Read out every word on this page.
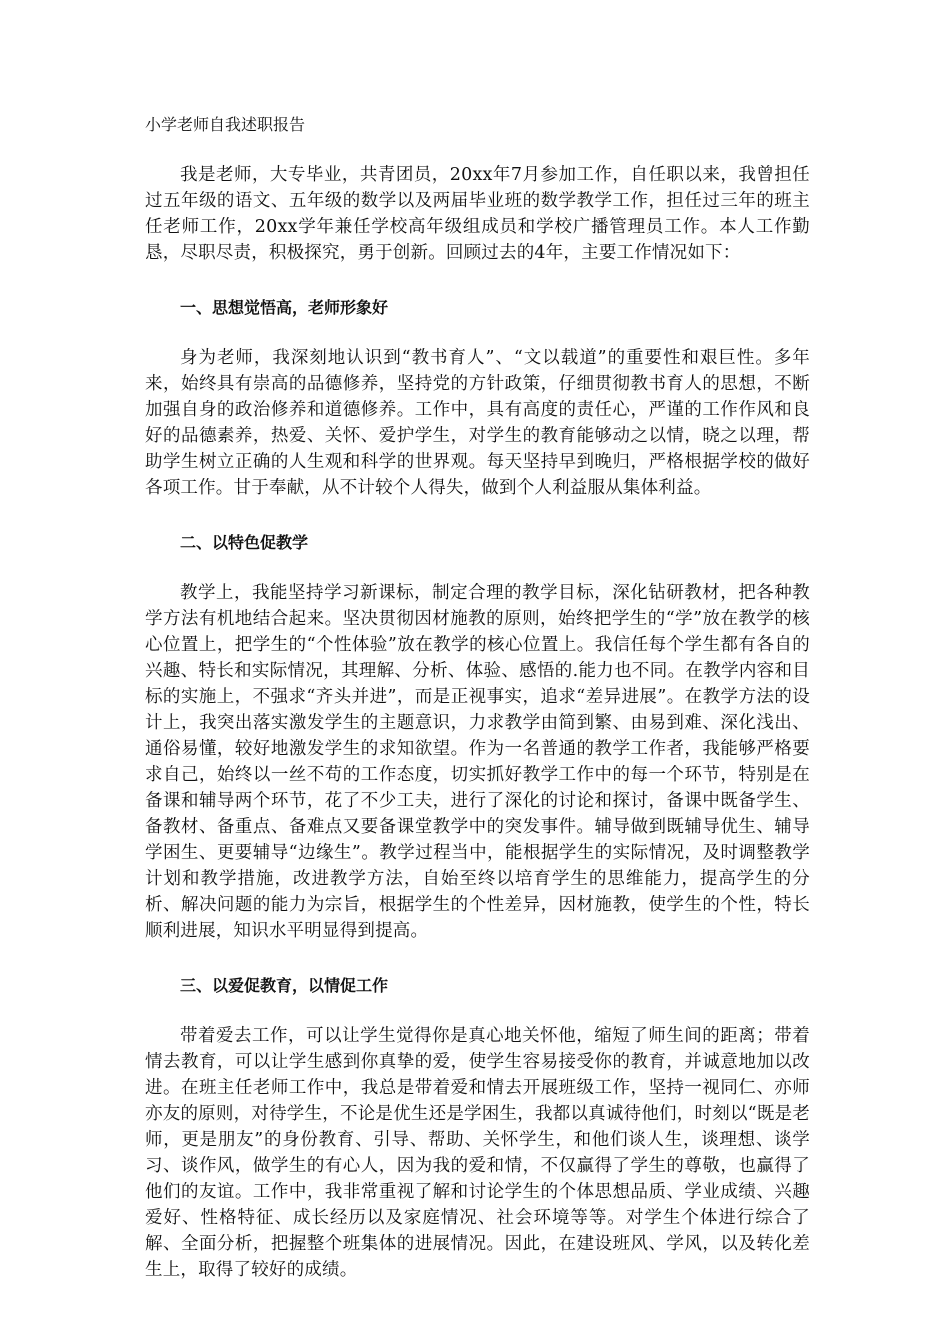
小学老师自我述职报告

我是老师，大专毕业，共青团员，20xx年7月参加工作，自任职以来，我曾担任过五年级的语文、五年级的数学以及两届毕业班的数学教学工作，担任过三年的班主任老师工作，20xx学年兼任学校高年级组成员和学校广播管理员工作。本人工作勤恳，尽职尽责，积极探究，勇于创新。回顾过去的4年，主要工作情况如下：

一、思想觉悟高，老师形象好

身为老师，我深刻地认识到“教书育人”、“文以载道”的重要性和艰巨性。多年来，始终具有崇高的品德修养，坚持党的方针政策，仔细贯彻教书育人的思想，不断加强自身的政治修养和道德修养。工作中，具有高度的责任心，严谨的工作作风和良好的品德素养，热爱、关怀、爱护学生，对学生的教育能够动之以情，晓之以理，帮助学生树立正确的人生观和科学的世界观。每天坚持早到晚归，严格根据学校的做好各项工作。甘于奉献，从不计较个人得失，做到个人利益服从集体利益。

二、以特色促教学

教学上，我能坚持学习新课标，制定合理的教学目标，深化钻研教材，把各种教学方法有机地结合起来。坚决贯彻因材施教的原则，始终把学生的“学”放在教学的核心位置上，把学生的“个性体验”放在教学的核心位置上。我信任每个学生都有各自的兴趣、特长和实际情况，其理解、分析、体验、感悟的.能力也不同。在教学内容和目标的实施上，不强求“齐头并进”，而是正视事实，追求“差异进展”。在教学方法的设计上，我突出落实激发学生的主题意识，力求教学由简到繁、由易到难、深化浅出、通俗易懂，较好地激发学生的求知欲望。作为一名普通的教学工作者，我能够严格要求自己，始终以一丝不苟的工作态度，切实抓好教学工作中的每一个环节，特别是在备课和辅导两个环节，花了不少工夫，进行了深化的讨论和探讨，备课中既备学生、备教材、备重点、备难点又要备课堂教学中的突发事件。辅导做到既辅导优生、辅导学困生、更要辅导“边缘生”。教学过程当中，能根据学生的实际情况，及时调整教学计划和教学措施，改进教学方法，自始至终以培育学生的思维能力，提高学生的分析、解决问题的能力为宗旨，根据学生的个性差异，因材施教，使学生的个性，特长顺利进展，知识水平明显得到提高。

三、以爱促教育，以情促工作

带着爱去工作，可以让学生觉得你是真心地关怀他，缩短了师生间的距离；带着情去教育，可以让学生感到你真挚的爱，使学生容易接受你的教育，并诚意地加以改进。在班主任老师工作中，我总是带着爱和情去开展班级工作，坚持一视同仁、亦师亦友的原则，对待学生，不论是优生还是学困生，我都以真诚待他们，时刻以“既是老师，更是朋友”的身份教育、引导、帮助、关怀学生，和他们谈人生，谈理想、谈学习、谈作风，做学生的有心人，因为我的爱和情，不仅赢得了学生的尊敬，也赢得了他们的友谊。工作中，我非常重视了解和讨论学生的个体思想品质、学业成绩、兴趣爱好、性格特征、成长经历以及家庭情况、社会环境等等。对学生个体进行综合了解、全面分析，把握整个班集体的进展情况。因此，在建设班风、学风，以及转化差生上，取得了较好的成绩。
